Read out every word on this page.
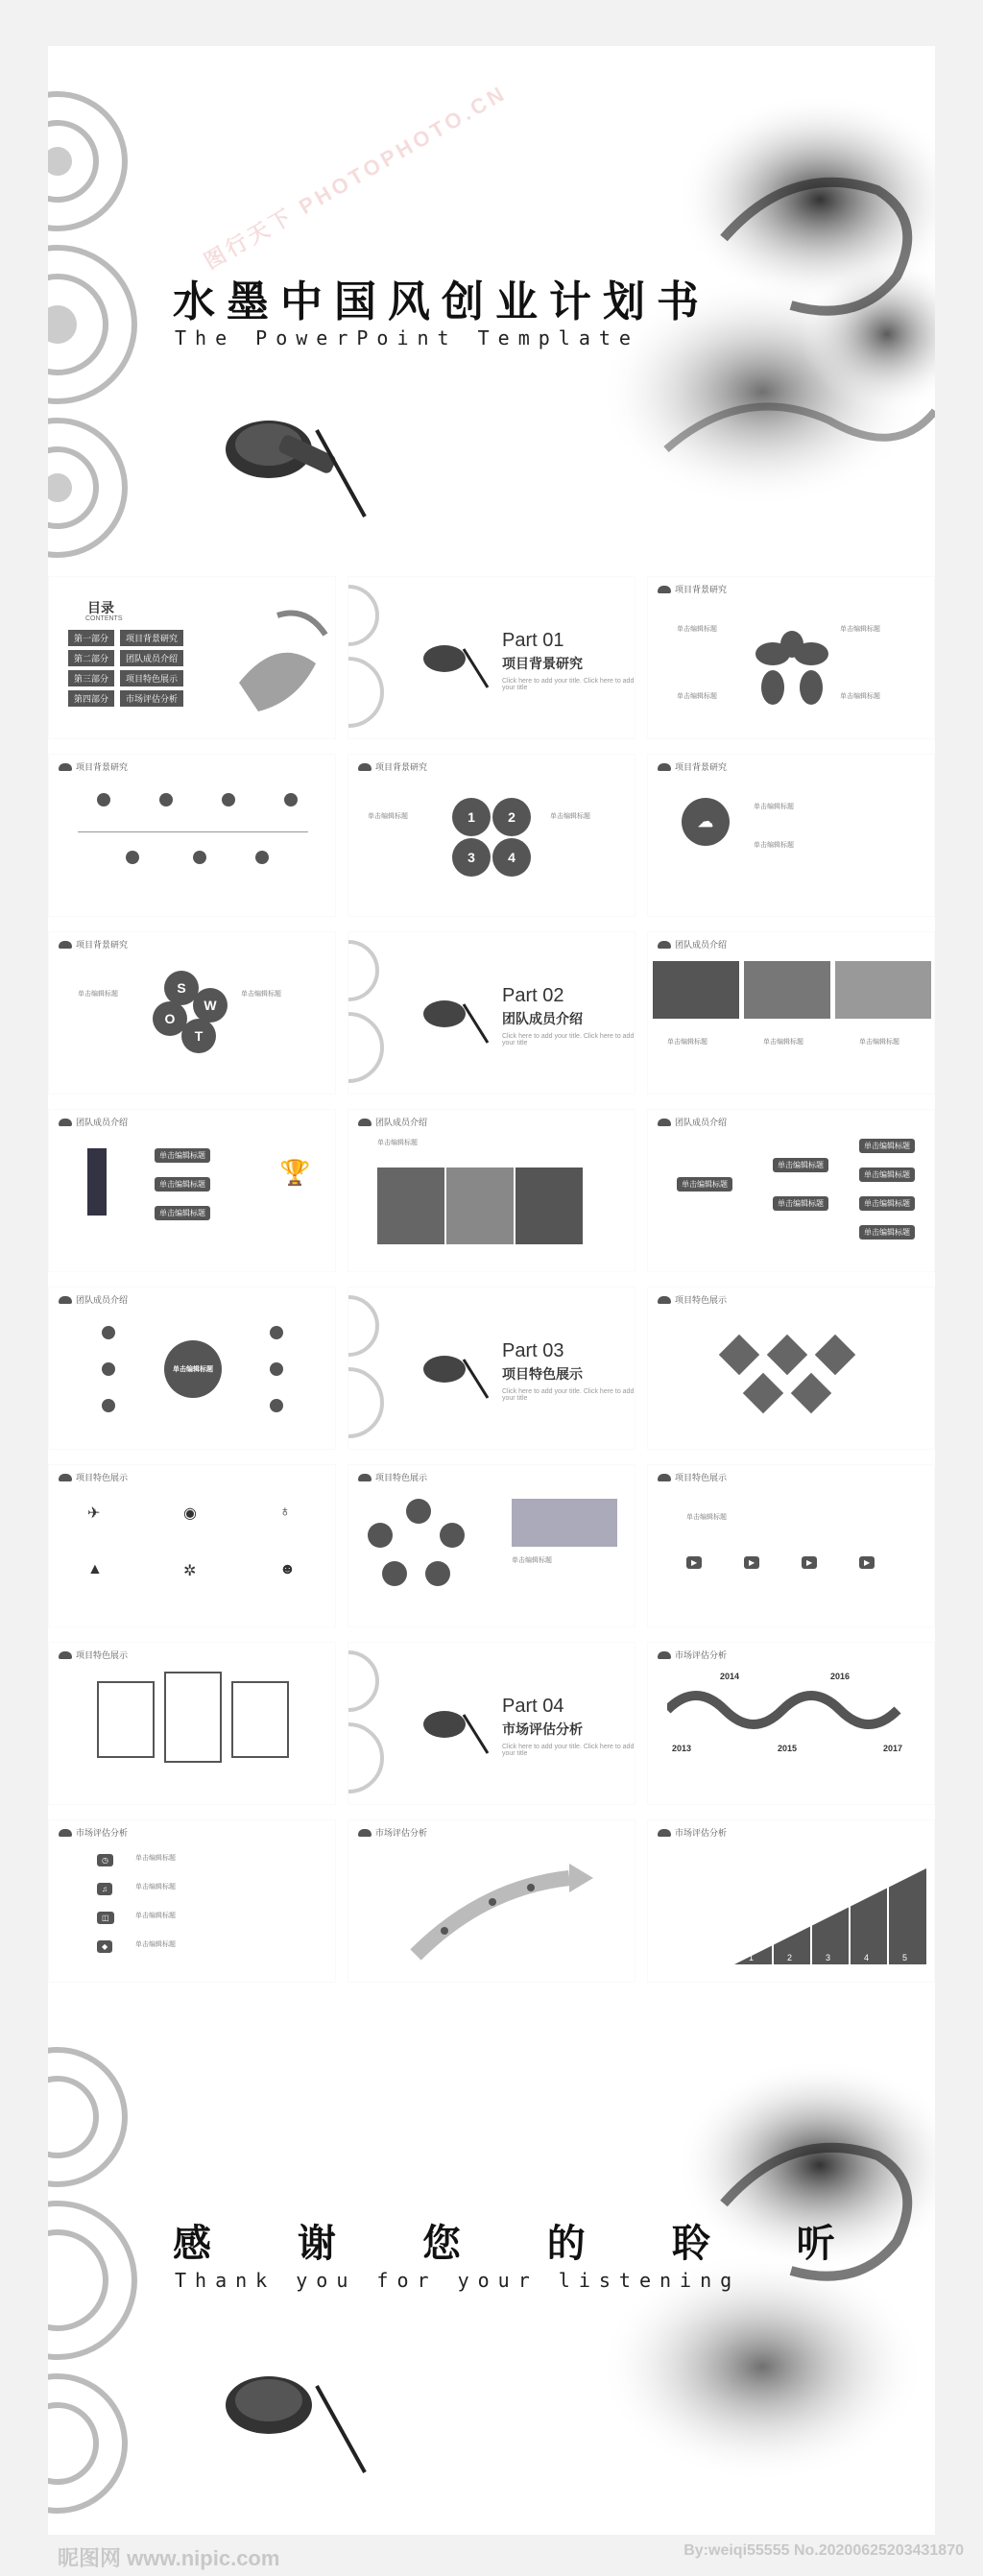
水墨中国风创业计划书
The PowerPoint Template
图行天下 PHOTOPHOTO.CN
目录
CONTENTS
第一部分	项目背景研究
第二部分	团队成员介绍
第三部分	项目特色展示
第四部分	市场评估分析
Part 01
项目背景研究
Click here to add your title. Click here to add your title
项目背景研究
单击编辑标题	单击编辑标题
单击编辑标题	单击编辑标题
项目背景研究	项目背景研究
1	2
3	4
单击编辑标题	单击编辑标题
项目背景研究
☁
单击编辑标题
单击编辑标题
项目背景研究
S
W
O
T
单击编辑标题	单击编辑标题	Part 02
团队成员介绍
Click here to add your title. Click here to add your title
团队成员介绍
单击编辑标题	单击编辑标题	单击编辑标题
团队成员介绍
单击编辑标题
单击编辑标题
单击编辑标题
🏆
团队成员介绍
单击编辑标题
团队成员介绍
单击编辑标题
单击编辑标题
单击编辑标题
单击编辑标题
单击编辑标题
单击编辑标题
单击编辑标题
团队成员介绍
单击编辑标题
Part 03
项目特色展示
Click here to add your title. Click here to add your title
项目特色展示
项目特色展示
✈	◉	♁
▲	✲	☻
项目特色展示
单击编辑标题
项目特色展示
▶	▶	▶	▶
单击编辑标题
项目特色展示
Part 04
市场评估分析
Click here to add your title. Click here to add your title
市场评估分析
2013
2014
2015
2016
2017
市场评估分析
◷
♫
◫
◆
单击编辑标题
单击编辑标题
单击编辑标题
单击编辑标题
市场评估分析	市场评估分析
1	2	3	4	5
感 谢 您 的 聆 听
Thank you for your listening
昵图网 www.nipic.com	By:weiqi55555 No.20200625203431870
